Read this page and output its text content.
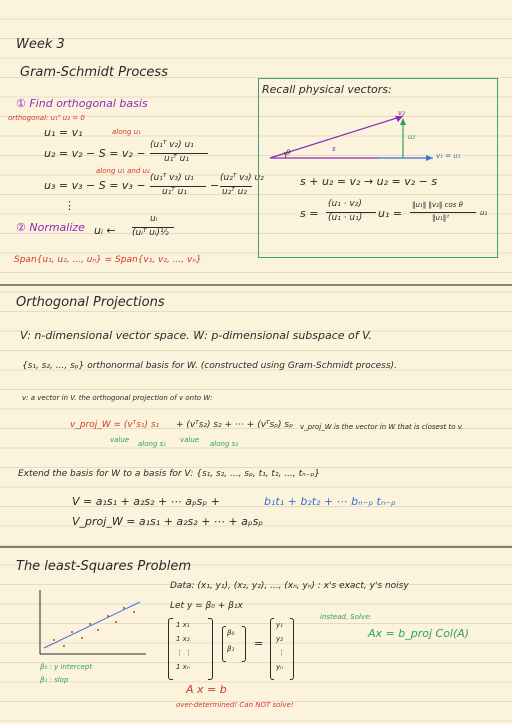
Week 3
Gram-Schmidt Process
① Find orthogonal basis
orthogonal: u₁ᵀ u₂ = 0
along u₁
u₁ = v₁
u₂ = v₂ − S = v₂ −
(u₁ᵀ v₂) u₁
u₁ᵀ u₁
along u₁ and u₂
u₃ = v₃ − S = v₃ −
(u₁ᵀ v₃) u₁
u₁ᵀ u₁ −
(u₂ᵀ v₃) u₂
u₂ᵀ u₂
⋮
② Normalize uᵢ ←
uᵢ
(uᵢᵀ uᵢ)½
Span{u₁, u₂, ..., uₙ} = Span{v₁, v₂, ..., vₙ}
Recall physical vectors:
v₂
u₂
θ	s
v₁ = u₁
s + u₂ = v₂ → u₂ = v₂ − s
s =
(u₁ · v₂)
(u₁ · u₁) u₁ =
‖u₁‖ ‖v₂‖ cos θ
‖u₁‖²
u₁
Orthogonal Projections
V: n-dimensional vector space. W: p-dimensional subspace of V.
{s₁, s₂, ..., sₚ} orthonormal basis for W. (constructed using Gram-Schmidt process).
v: a vector in V. the orthogonal projection of v onto W:
v_proj_W = (vᵀs₁) s₁ + (vᵀs₂) s₂ + ⋯ + (vᵀsₚ) sₚ
value along s₁ value along s₂
v_proj_W is the vector in W that is closest to v.
Extend the basis for W to a basis for V: {s₁, s₂, ..., sₚ, t₁, t₂, ..., tₙ₋ₚ}
V = a₁s₁ + a₂s₂ + ⋯ aₚsₚ +	b₁t₁ + b₂t₂ + ⋯ bₙ₋ₚ tₙ₋ₚ
V_proj_W = a₁s₁ + a₂s₂ + ⋯ + aₚsₚ
The least-Squares Problem
Data: (x₁, y₁), (x₂, y₂), ..., (xₙ, yₙ) : x's exact, y's noisy
Let y = β₀ + β₁x
β₀ : y intercept
β₁ : slop
1 x₁
1 x₂
⋮ ⋮
1 xₙ
β₀
β₁ =
y₁
y₂
⋮
yₙ
A x = b
over-determined! Can NOT solve!
instead, Solve:
Ax = b_proj Col(A)
